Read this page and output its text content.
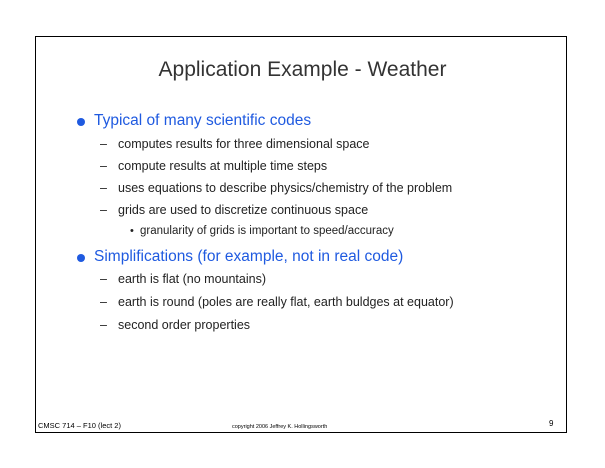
Application Example - Weather
Typical of many scientific codes
– computes results for three dimensional space
– compute results at multiple time steps
– uses equations to describe physics/chemistry of the problem
– grids are used to discretize continuous space
• granularity of grids is important to speed/accuracy
Simplifications (for example, not in real code)
– earth is flat (no mountains)
– earth is round (poles are really flat, earth buldges at equator)
– second order properties
CMSC 714 – F10 (lect 2)	copyright 2006 Jeffrey K. Hollingsworth	9
